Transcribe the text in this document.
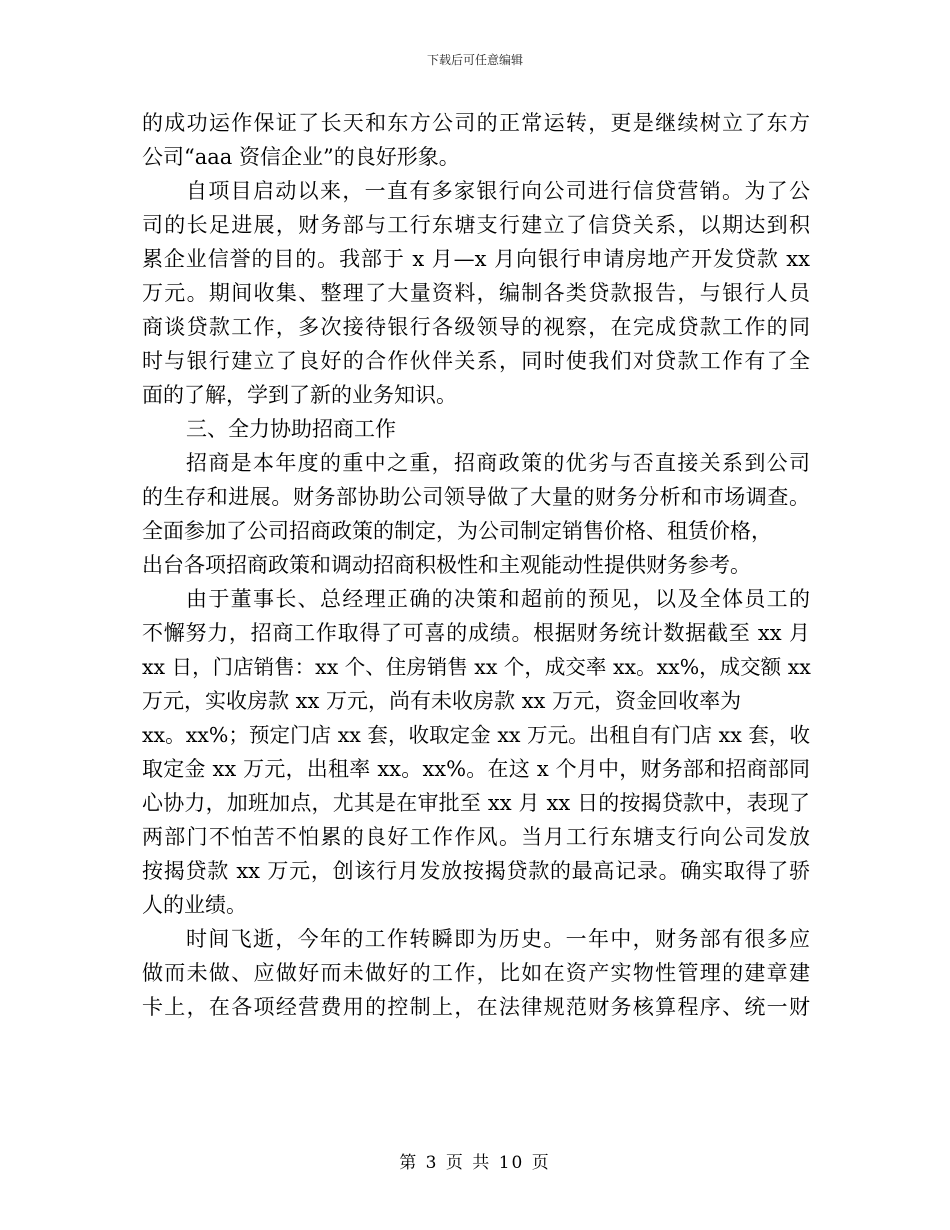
下载后可任意编辑
的成功运作保证了长天和东方公司的正常运转，更是继续树立了东方
公司“aaa 资信企业”的良好形象。
自项目启动以来，一直有多家银行向公司进行信贷营销。为了公
司的长足进展，财务部与工行东塘支行建立了信贷关系，以期达到积
累企业信誉的目的。我部于 x 月—x 月向银行申请房地产开发贷款 xx
万元。期间收集、整理了大量资料，编制各类贷款报告，与银行人员
商谈贷款工作，多次接待银行各级领导的视察，在完成贷款工作的同
时与银行建立了良好的合作伙伴关系，同时使我们对贷款工作有了全
面的了解，学到了新的业务知识。
三、全力协助招商工作
招商是本年度的重中之重，招商政策的优劣与否直接关系到公司
的生存和进展。财务部协助公司领导做了大量的财务分析和市场调查。
全面参加了公司招商政策的制定，为公司制定销售价格、租赁价格，
出台各项招商政策和调动招商积极性和主观能动性提供财务参考。
由于董事长、总经理正确的决策和超前的预见，以及全体员工的
不懈努力，招商工作取得了可喜的成绩。根据财务统计数据截至 xx 月
xx 日，门店销售：xx 个、住房销售 xx 个，成交率 xx。xx%，成交额 xx
万元，实收房款 xx 万元，尚有未收房款 xx 万元，资金回收率为
xx。xx%；预定门店 xx 套，收取定金 xx 万元。出租自有门店 xx 套，收
取定金 xx 万元，出租率 xx。xx%。在这 x 个月中，财务部和招商部同
心协力，加班加点，尤其是在审批至 xx 月 xx 日的按揭贷款中，表现了
两部门不怕苦不怕累的良好工作作风。当月工行东塘支行向公司发放
按揭贷款 xx 万元，创该行月发放按揭贷款的最高记录。确实取得了骄
人的业绩。
时间飞逝，今年的工作转瞬即为历史。一年中，财务部有很多应
做而未做、应做好而未做好的工作，比如在资产实物性管理的建章建
卡上，在各项经营费用的控制上，在法律规范财务核算程序、统一财
第 3 页 共 10 页
